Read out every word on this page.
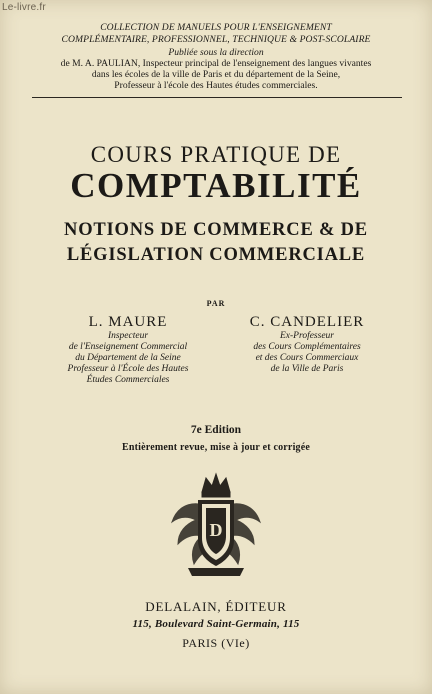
Le-livre.fr
COLLECTION DE MANUELS POUR L'ENSEIGNEMENT
COMPLÉMENTAIRE, PROFESSIONNEL, TECHNIQUE & POST-SCOLAIRE
Publiée sous la direction
de M. A. PAULIAN, Inspecteur principal de l'enseignement des langues vivantes
dans les écoles de la ville de Paris et du département de la Seine,
Professeur à l'école des Hautes études commerciales.
COURS PRATIQUE DE
COMPTABILITÉ
NOTIONS DE COMMERCE & DE
LÉGISLATION COMMERCIALE
PAR
L. MAURE
Inspecteur
de l'Enseignement Commercial
du Département de la Seine
Professeur à l'École des Hautes
Études Commerciales
C. CANDELIER
Ex-Professeur
des Cours Complémentaires
et des Cours Commerciaux
de la Ville de Paris
7e Edition
Entièrement revue, mise à jour et corrigée
D
DELALAIN, ÉDITEUR
115, Boulevard Saint-Germain, 115
PARIS (VIe)
